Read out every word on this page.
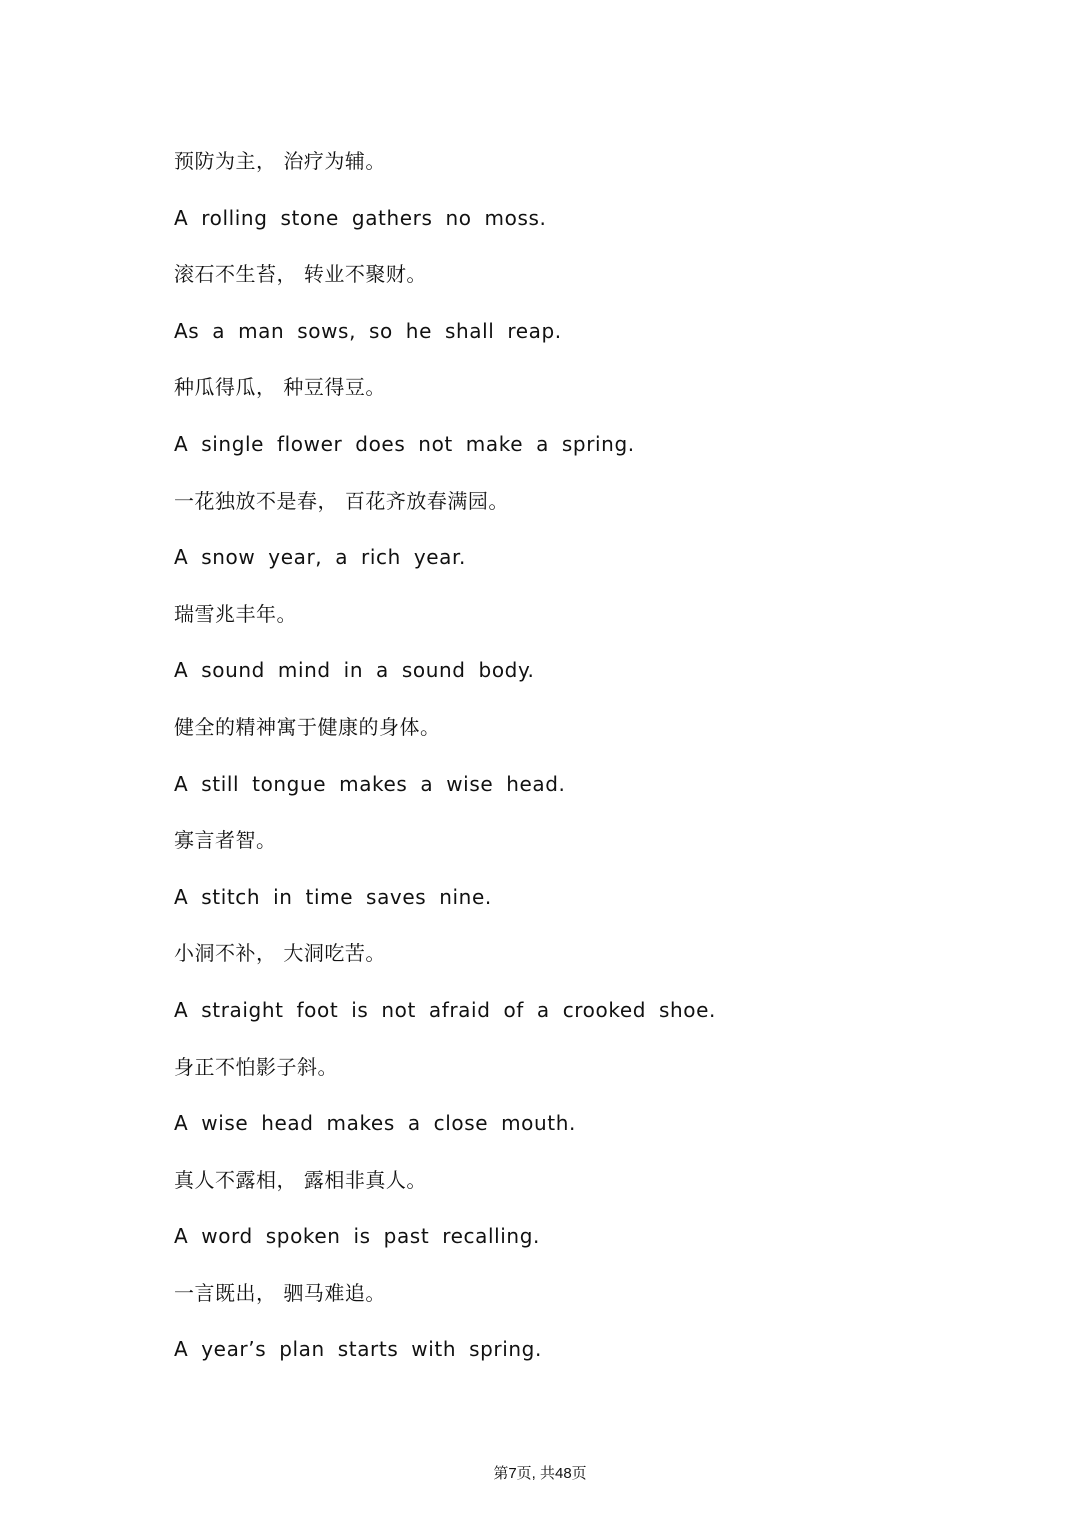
预防为主， 治疗为辅。
A rolling stone gathers no moss.
滚石不生苔， 转业不聚财。
As a man sows, so he shall reap.
种瓜得瓜， 种豆得豆。
A single flower does not make a spring.
一花独放不是春， 百花齐放春满园。
A snow year, a rich year.
瑞雪兆丰年。
A sound mind in a sound body.
健全的精神寓于健康的身体。
A still tongue makes a wise head.
寡言者智。
A stitch in time saves nine.
小洞不补， 大洞吃苦。
A straight foot is not afraid of a crooked shoe.
身正不怕影子斜。
A wise head makes a close mouth.
真人不露相， 露相非真人。
A word spoken is past recalling.
一言既出， 驷马难追。
A year’s plan starts with spring.
第7页, 共48页
